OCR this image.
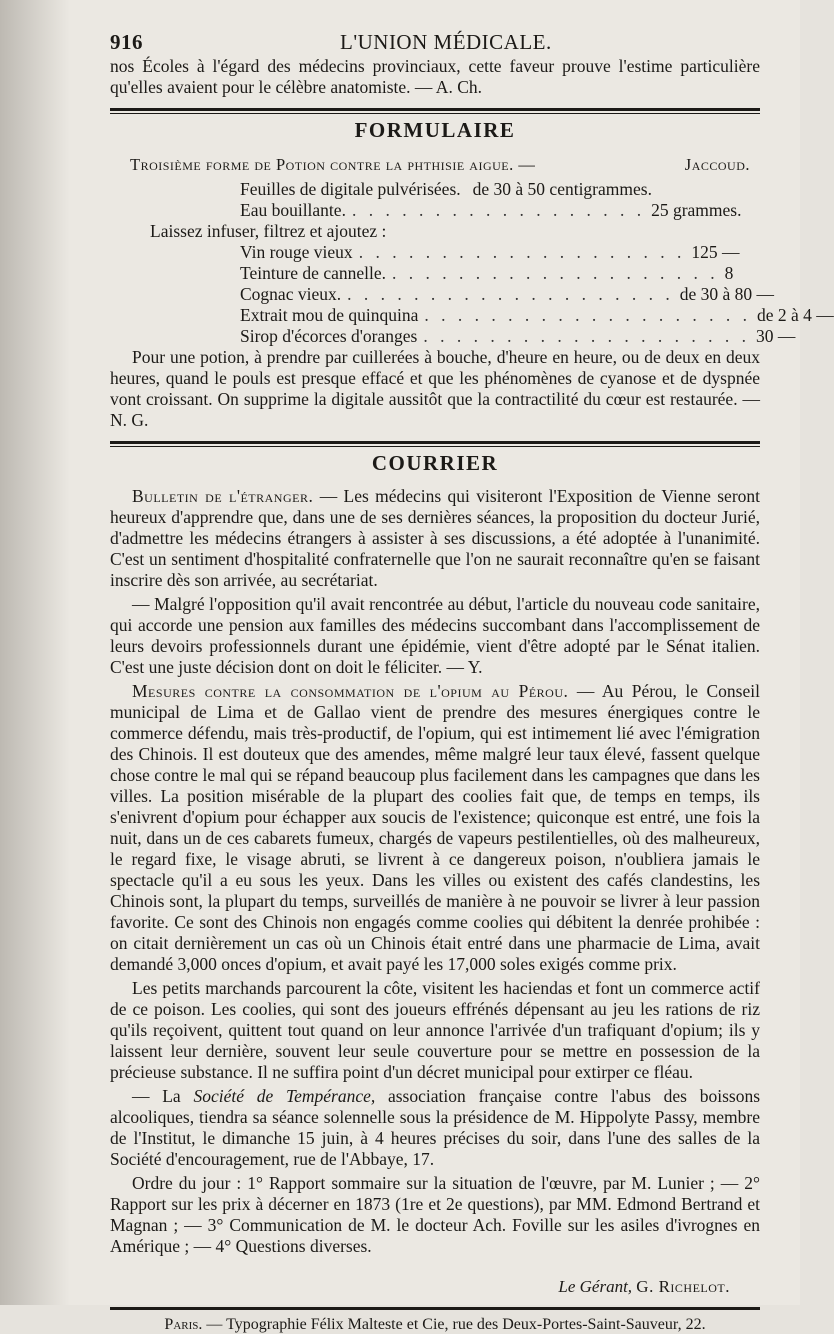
916	L'UNION MÉDICALE.

nos Écoles à l'égard des médecins provinciaux, cette faveur prouve l'estime particulière qu'elles avaient pour le célèbre anatomiste. — A. Ch.

FORMULAIRE
Troisième forme de Potion contre la phthisie aigue. —	Jaccoud.
Feuilles de digitale pulvérisées. de 30 à 50 centigrammes.
Eau bouillante. . . . . . . . . . . . . . . . . . . 25 grammes.
Laissez infuser, filtrez et ajoutez :
Vin rouge vieux . . . . . . . . . . . . . . . . . . . . 125 —
Teinture de cannelle. . . . . . . . . . . . . . . . . . . . . 8
Cognac vieux. . . . . . . . . . . . . . . . . . . . . de 30 à 80 —
Extrait mou de quinquina . . . . . . . . . . . . . . . . . . . . de 2 à 4 —
Sirop d'écorces d'oranges . . . . . . . . . . . . . . . . . . . . 30 —

Pour une potion, à prendre par cuillerées à bouche, d'heure en heure, ou de deux en deux heures, quand le pouls est presque effacé et que les phénomènes de cyanose et de dyspnée vont croissant. On supprime la digitale aussitôt que la contractilité du cœur est restaurée. — N. G.

COURRIER

Bulletin de l'étranger. — Les médecins qui visiteront l'Exposition de Vienne seront heureux d'apprendre que, dans une de ses dernières séances, la proposition du docteur Jurié, d'admettre les médecins étrangers à assister à ses discussions, a été adoptée à l'unanimité. C'est un sentiment d'hospitalité confraternelle que l'on ne saurait reconnaître qu'en se faisant inscrire dès son arrivée, au secrétariat.

— Malgré l'opposition qu'il avait rencontrée au début, l'article du nouveau code sanitaire, qui accorde une pension aux familles des médecins succombant dans l'accomplissement de leurs devoirs professionnels durant une épidémie, vient d'être adopté par le Sénat italien. C'est une juste décision dont on doit le féliciter. — Y.

Mesures contre la consommation de l'opium au Pérou. — Au Pérou, le Conseil municipal de Lima et de Gallao vient de prendre des mesures énergiques contre le commerce défendu, mais très-productif, de l'opium, qui est intimement lié avec l'émigration des Chinois. Il est douteux que des amendes, même malgré leur taux élevé, fassent quelque chose contre le mal qui se répand beaucoup plus facilement dans les campagnes que dans les villes. La position misérable de la plupart des coolies fait que, de temps en temps, ils s'enivrent d'opium pour échapper aux soucis de l'existence; quiconque est entré, une fois la nuit, dans un de ces cabarets fumeux, chargés de vapeurs pestilentielles, où des malheureux, le regard fixe, le visage abruti, se livrent à ce dangereux poison, n'oubliera jamais le spectacle qu'il a eu sous les yeux. Dans les villes ou existent des cafés clandestins, les Chinois sont, la plupart du temps, surveillés de manière à ne pouvoir se livrer à leur passion favorite. Ce sont des Chinois non engagés comme coolies qui débitent la denrée prohibée : on citait dernièrement un cas où un Chinois était entré dans une pharmacie de Lima, avait demandé 3,000 onces d'opium, et avait payé les 17,000 soles exigés comme prix.

Les petits marchands parcourent la côte, visitent les haciendas et font un commerce actif de ce poison. Les coolies, qui sont des joueurs effrénés dépensant au jeu les rations de riz qu'ils reçoivent, quittent tout quand on leur annonce l'arrivée d'un trafiquant d'opium; ils y laissent leur dernière, souvent leur seule couverture pour se mettre en possession de la précieuse substance. Il ne suffira point d'un décret municipal pour extirper ce fléau.

— La Société de Tempérance, association française contre l'abus des boissons alcooliques, tiendra sa séance solennelle sous la présidence de M. Hippolyte Passy, membre de l'Institut, le dimanche 15 juin, à 4 heures précises du soir, dans l'une des salles de la Société d'encouragement, rue de l'Abbaye, 17.

Ordre du jour : 1° Rapport sommaire sur la situation de l'œuvre, par M. Lunier ; — 2° Rapport sur les prix à décerner en 1873 (1re et 2e questions), par MM. Edmond Bertrand et Magnan ; — 3° Communication de M. le docteur Ach. Foville sur les asiles d'ivrognes en Amérique ; — 4° Questions diverses.

Le Gérant, G. Richelot.
Paris. — Typographie Félix Malteste et Cie, rue des Deux-Portes-Saint-Sauveur, 22.
